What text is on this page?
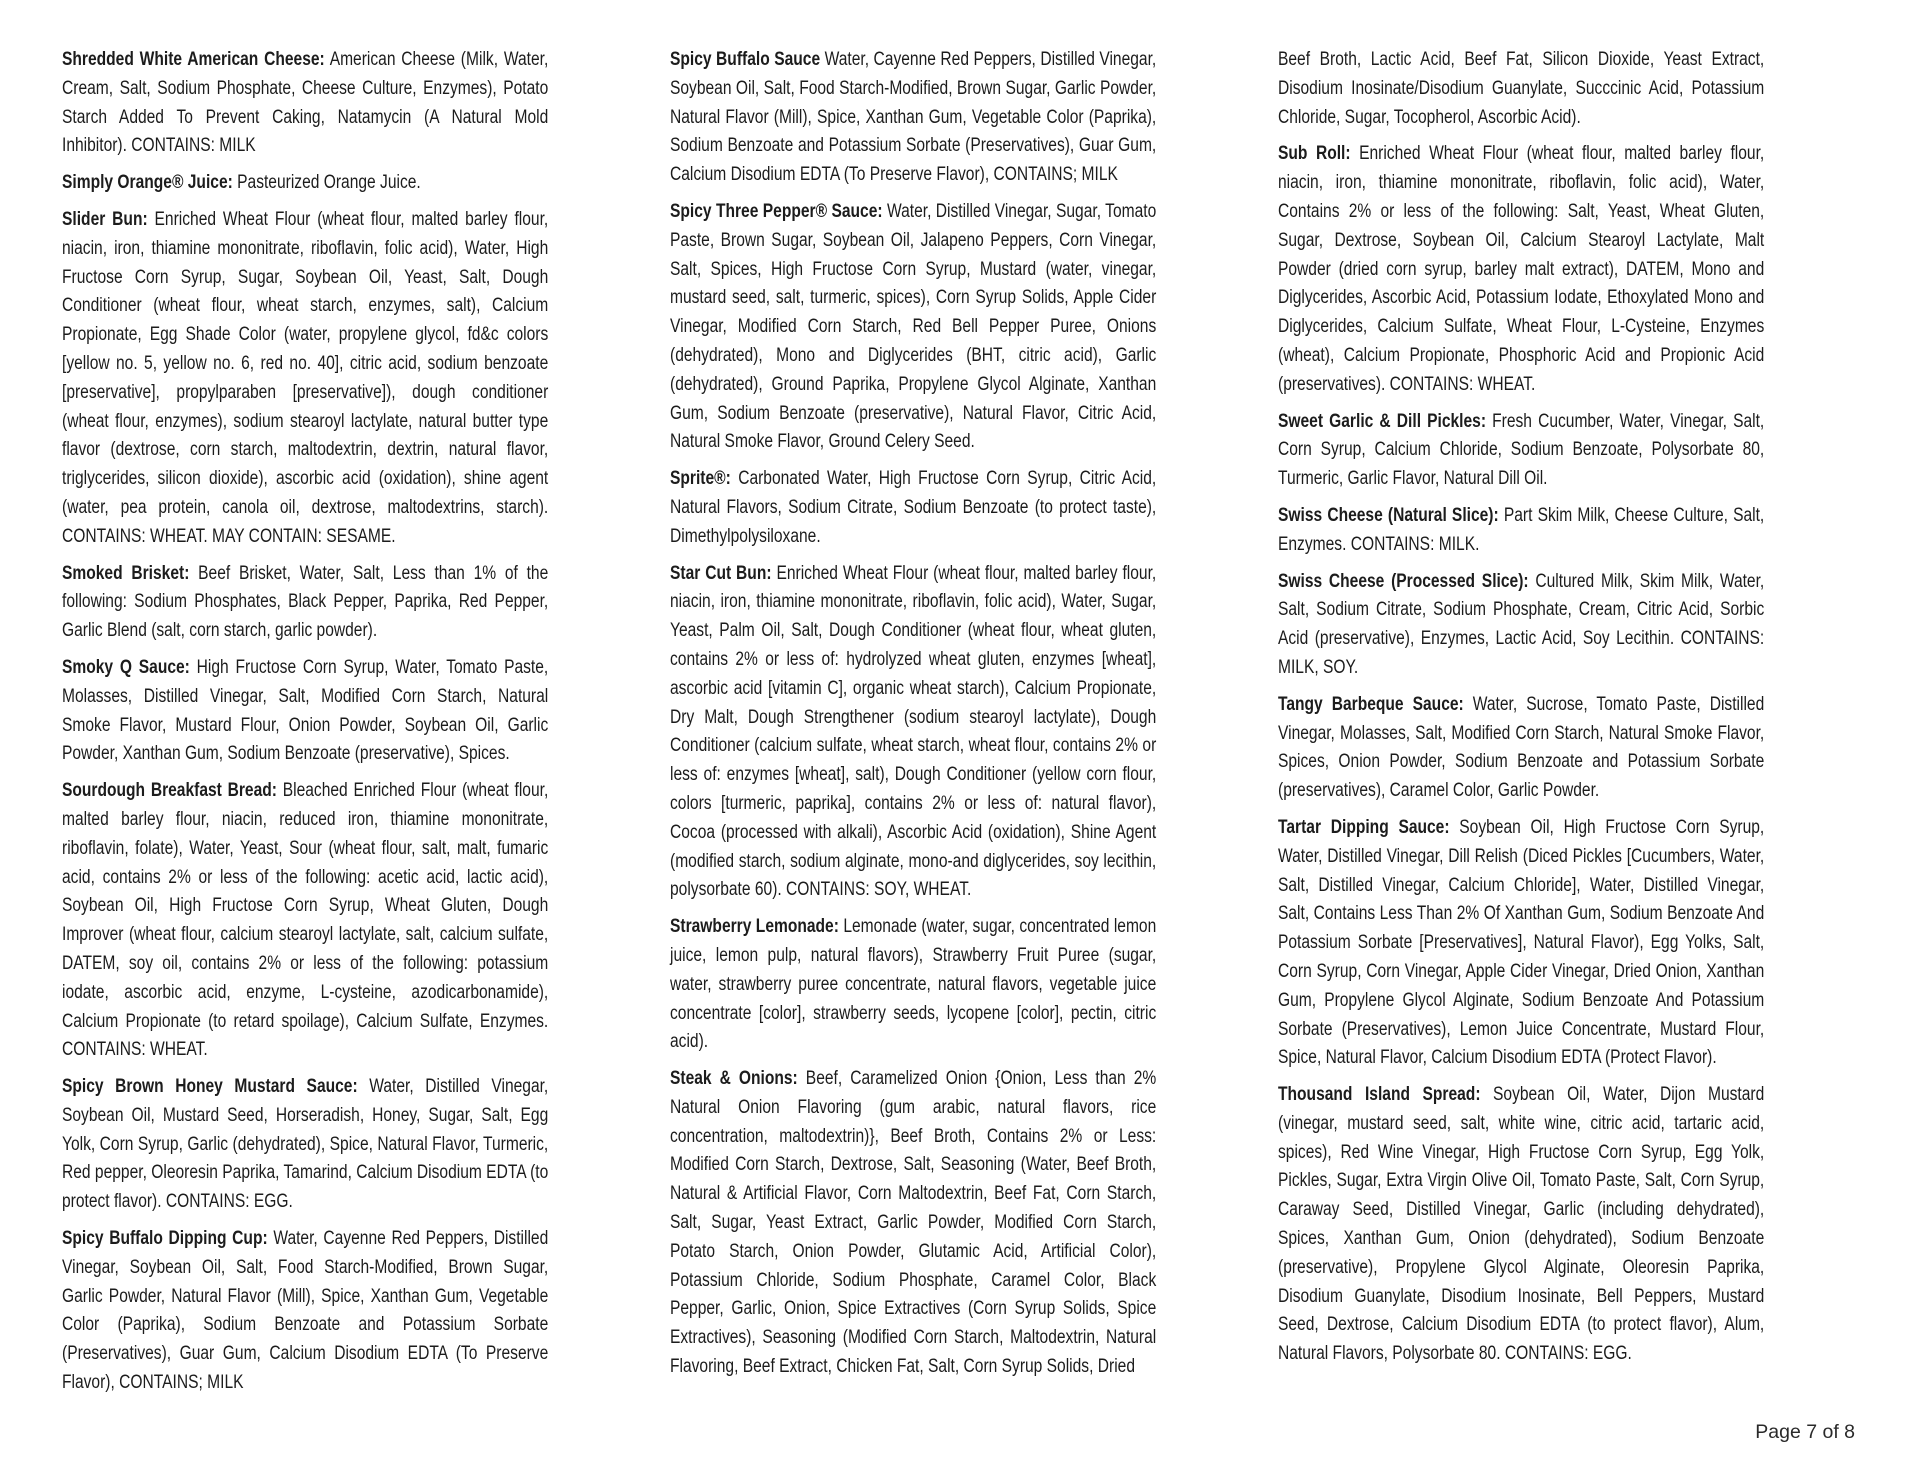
Shredded White American Cheese: American Cheese (Milk, Water, Cream, Salt, Sodium Phosphate, Cheese Culture, Enzymes), Potato Starch Added To Prevent Caking, Natamycin (A Natural Mold Inhibitor). CONTAINS: MILK

Simply Orange® Juice: Pasteurized Orange Juice.

Slider Bun: Enriched Wheat Flour (wheat flour, malted barley flour, niacin, iron, thiamine mononitrate, riboflavin, folic acid), Water, High Fructose Corn Syrup, Sugar, Soybean Oil, Yeast, Salt, Dough Conditioner (wheat flour, wheat starch, enzymes, salt), Calcium Propionate, Egg Shade Color (water, propylene glycol, fd&c colors [yellow no. 5, yellow no. 6, red no. 40], citric acid, sodium benzoate [preservative], propylparaben [preservative]), dough conditioner (wheat flour, enzymes), sodium stearoyl lactylate, natural butter type flavor (dextrose, corn starch, maltodextrin, dextrin, natural flavor, triglycerides, silicon dioxide), ascorbic acid (oxidation), shine agent (water, pea protein, canola oil, dextrose, maltodextrins, starch). CONTAINS: WHEAT. MAY CONTAIN: SESAME.

Smoked Brisket: Beef Brisket, Water, Salt, Less than 1% of the following: Sodium Phosphates, Black Pepper, Paprika, Red Pepper, Garlic Blend (salt, corn starch, garlic powder).

Smoky Q Sauce: High Fructose Corn Syrup, Water, Tomato Paste, Molasses, Distilled Vinegar, Salt, Modified Corn Starch, Natural Smoke Flavor, Mustard Flour, Onion Powder, Soybean Oil, Garlic Powder, Xanthan Gum, Sodium Benzoate (preservative), Spices.

Sourdough Breakfast Bread: Bleached Enriched Flour (wheat flour, malted barley flour, niacin, reduced iron, thiamine mononitrate, riboflavin, folate), Water, Yeast, Sour (wheat flour, salt, malt, fumaric acid, contains 2% or less of the following: acetic acid, lactic acid), Soybean Oil, High Fructose Corn Syrup, Wheat Gluten, Dough Improver (wheat flour, calcium stearoyl lactylate, salt, calcium sulfate, DATEM, soy oil, contains 2% or less of the following: potassium iodate, ascorbic acid, enzyme, L-cysteine, azodicarbonamide), Calcium Propionate (to retard spoilage), Calcium Sulfate, Enzymes. CONTAINS: WHEAT.

Spicy Brown Honey Mustard Sauce: Water, Distilled Vinegar, Soybean Oil, Mustard Seed, Horseradish, Honey, Sugar, Salt, Egg Yolk, Corn Syrup, Garlic (dehydrated), Spice, Natural Flavor, Turmeric, Red pepper, Oleoresin Paprika, Tamarind, Calcium Disodium EDTA (to protect flavor). CONTAINS: EGG.

Spicy Buffalo Dipping Cup: Water, Cayenne Red Peppers, Distilled Vinegar, Soybean Oil, Salt, Food Starch-Modified, Brown Sugar, Garlic Powder, Natural Flavor (Mill), Spice, Xanthan Gum, Vegetable Color (Paprika), Sodium Benzoate and Potassium Sorbate (Preservatives), Guar Gum, Calcium Disodium EDTA (To Preserve Flavor), CONTAINS; MILK

Spicy Buffalo Sauce Water, Cayenne Red Peppers, Distilled Vinegar, Soybean Oil, Salt, Food Starch-Modified, Brown Sugar, Garlic Powder, Natural Flavor (Mill), Spice, Xanthan Gum, Vegetable Color (Paprika), Sodium Benzoate and Potassium Sorbate (Preservatives), Guar Gum, Calcium Disodium EDTA (To Preserve Flavor), CONTAINS; MILK

Spicy Three Pepper® Sauce: Water, Distilled Vinegar, Sugar, Tomato Paste, Brown Sugar, Soybean Oil, Jalapeno Peppers, Corn Vinegar, Salt, Spices, High Fructose Corn Syrup, Mustard (water, vinegar, mustard seed, salt, turmeric, spices), Corn Syrup Solids, Apple Cider Vinegar, Modified Corn Starch, Red Bell Pepper Puree, Onions (dehydrated), Mono and Diglycerides (BHT, citric acid), Garlic (dehydrated), Ground Paprika, Propylene Glycol Alginate, Xanthan Gum, Sodium Benzoate (preservative), Natural Flavor, Citric Acid, Natural Smoke Flavor, Ground Celery Seed.

Sprite®: Carbonated Water, High Fructose Corn Syrup, Citric Acid, Natural Flavors, Sodium Citrate, Sodium Benzoate (to protect taste), Dimethylpolysiloxane.

Star Cut Bun: Enriched Wheat Flour (wheat flour, malted barley flour, niacin, iron, thiamine mononitrate, riboflavin, folic acid), Water, Sugar, Yeast, Palm Oil, Salt, Dough Conditioner (wheat flour, wheat gluten, contains 2% or less of: hydrolyzed wheat gluten, enzymes [wheat], ascorbic acid [vitamin C], organic wheat starch), Calcium Propionate, Dry Malt, Dough Strengthener (sodium stearoyl lactylate), Dough Conditioner (calcium sulfate, wheat starch, wheat flour, contains 2% or less of: enzymes [wheat], salt), Dough Conditioner (yellow corn flour, colors [turmeric, paprika], contains 2% or less of: natural flavor), Cocoa (processed with alkali), Ascorbic Acid (oxidation), Shine Agent (modified starch, sodium alginate, mono-and diglycerides, soy lecithin, polysorbate 60). CONTAINS: SOY, WHEAT.

Strawberry Lemonade: Lemonade (water, sugar, concentrated lemon juice, lemon pulp, natural flavors), Strawberry Fruit Puree (sugar, water, strawberry puree concentrate, natural flavors, vegetable juice concentrate [color], strawberry seeds, lycopene [color], pectin, citric acid).

Steak & Onions: Beef, Caramelized Onion {Onion, Less than 2% Natural Onion Flavoring (gum arabic, natural flavors, rice concentration, maltodextrin)}, Beef Broth, Contains 2% or Less: Modified Corn Starch, Dextrose, Salt, Seasoning (Water, Beef Broth, Natural & Artificial Flavor, Corn Maltodextrin, Beef Fat, Corn Starch, Salt, Sugar, Yeast Extract, Garlic Powder, Modified Corn Starch, Potato Starch, Onion Powder, Glutamic Acid, Artificial Color), Potassium Chloride, Sodium Phosphate, Caramel Color, Black Pepper, Garlic, Onion, Spice Extractives (Corn Syrup Solids, Spice Extractives), Seasoning (Modified Corn Starch, Maltodextrin, Natural Flavoring, Beef Extract, Chicken Fat, Salt, Corn Syrup Solids, Dried

Beef Broth, Lactic Acid, Beef Fat, Silicon Dioxide, Yeast Extract, Disodium Inosinate/Disodium Guanylate, Succcinic Acid, Potassium Chloride, Sugar, Tocopherol, Ascorbic Acid).

Sub Roll: Enriched Wheat Flour (wheat flour, malted barley flour, niacin, iron, thiamine mononitrate, riboflavin, folic acid), Water, Contains 2% or less of the following: Salt, Yeast, Wheat Gluten, Sugar, Dextrose, Soybean Oil, Calcium Stearoyl Lactylate, Malt Powder (dried corn syrup, barley malt extract), DATEM, Mono and Diglycerides, Ascorbic Acid, Potassium Iodate, Ethoxylated Mono and Diglycerides, Calcium Sulfate, Wheat Flour, L-Cysteine, Enzymes (wheat), Calcium Propionate, Phosphoric Acid and Propionic Acid (preservatives). CONTAINS: WHEAT.

Sweet Garlic & Dill Pickles: Fresh Cucumber, Water, Vinegar, Salt, Corn Syrup, Calcium Chloride, Sodium Benzoate, Polysorbate 80, Turmeric, Garlic Flavor, Natural Dill Oil.

Swiss Cheese (Natural Slice): Part Skim Milk, Cheese Culture, Salt, Enzymes. CONTAINS: MILK.

Swiss Cheese (Processed Slice): Cultured Milk, Skim Milk, Water, Salt, Sodium Citrate, Sodium Phosphate, Cream, Citric Acid, Sorbic Acid (preservative), Enzymes, Lactic Acid, Soy Lecithin. CONTAINS: MILK, SOY.

Tangy Barbeque Sauce: Water, Sucrose, Tomato Paste, Distilled Vinegar, Molasses, Salt, Modified Corn Starch, Natural Smoke Flavor, Spices, Onion Powder, Sodium Benzoate and Potassium Sorbate (preservatives), Caramel Color, Garlic Powder.

Tartar Dipping Sauce: Soybean Oil, High Fructose Corn Syrup, Water, Distilled Vinegar, Dill Relish (Diced Pickles [Cucumbers, Water, Salt, Distilled Vinegar, Calcium Chloride], Water, Distilled Vinegar, Salt, Contains Less Than 2% Of Xanthan Gum, Sodium Benzoate And Potassium Sorbate [Preservatives], Natural Flavor), Egg Yolks, Salt, Corn Syrup, Corn Vinegar, Apple Cider Vinegar, Dried Onion, Xanthan Gum, Propylene Glycol Alginate, Sodium Benzoate And Potassium Sorbate (Preservatives), Lemon Juice Concentrate, Mustard Flour, Spice, Natural Flavor, Calcium Disodium EDTA (Protect Flavor).

Thousand Island Spread: Soybean Oil, Water, Dijon Mustard (vinegar, mustard seed, salt, white wine, citric acid, tartaric acid, spices), Red Wine Vinegar, High Fructose Corn Syrup, Egg Yolk, Pickles, Sugar, Extra Virgin Olive Oil, Tomato Paste, Salt, Corn Syrup, Caraway Seed, Distilled Vinegar, Garlic (including dehydrated), Spices, Xanthan Gum, Onion (dehydrated), Sodium Benzoate (preservative), Propylene Glycol Alginate, Oleoresin Paprika, Disodium Guanylate, Disodium Inosinate, Bell Peppers, Mustard Seed, Dextrose, Calcium Disodium EDTA (to protect flavor), Alum, Natural Flavors, Polysorbate 80. CONTAINS: EGG.

Page 7 of 8
